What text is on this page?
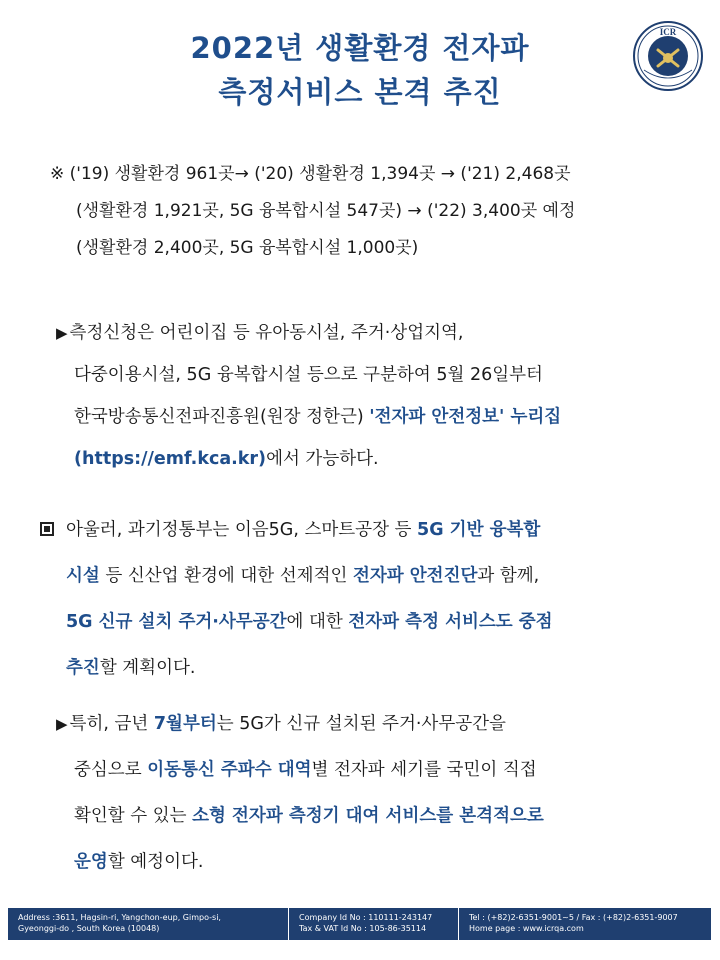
2022년 생활환경 전자파
측정서비스 본격 추진
ICR
※ ('19) 생활환경 961곳→ ('20) 생활환경 1,394곳 → ('21) 2,468곳
(생활환경 1,921곳, 5G 융복합시설 547곳) → ('22) 3,400곳 예정
(생활환경 2,400곳, 5G 융복합시설 1,000곳)
▶ 측정신청은 어린이집 등 유아동시설, 주거·상업지역,
다중이용시설, 5G 융복합시설 등으로 구분하여 5월 26일부터
한국방송통신전파진흥원(원장 정한근) '전자파 안전정보' 누리집
(https://emf.kca.kr)에서 가능하다.
아울러, 과기정통부는 이음5G, 스마트공장 등 5G 기반 융복합
시설 등 신산업 환경에 대한 선제적인 전자파 안전진단과 함께,
5G 신규 설치 주거·사무공간에 대한 전자파 측정 서비스도 중점
추진할 계획이다.
▶ 특히, 금년 7월부터는 5G가 신규 설치된 주거·사무공간을
중심으로 이동통신 주파수 대역별 전자파 세기를 국민이 직접
확인할 수 있는 소형 전자파 측정기 대여 서비스를 본격적으로
운영할 예정이다.
Address :3611, Hagsin-ri, Yangchon-eup, Gimpo-si,
Gyeonggi-do , South Korea (10048)
Company Id No : 110111-243147
Tax & VAT Id No : 105-86-35114
Tel : (+82)2-6351-9001~5 / Fax : (+82)2-6351-9007
Home page : www.icrqa.com
